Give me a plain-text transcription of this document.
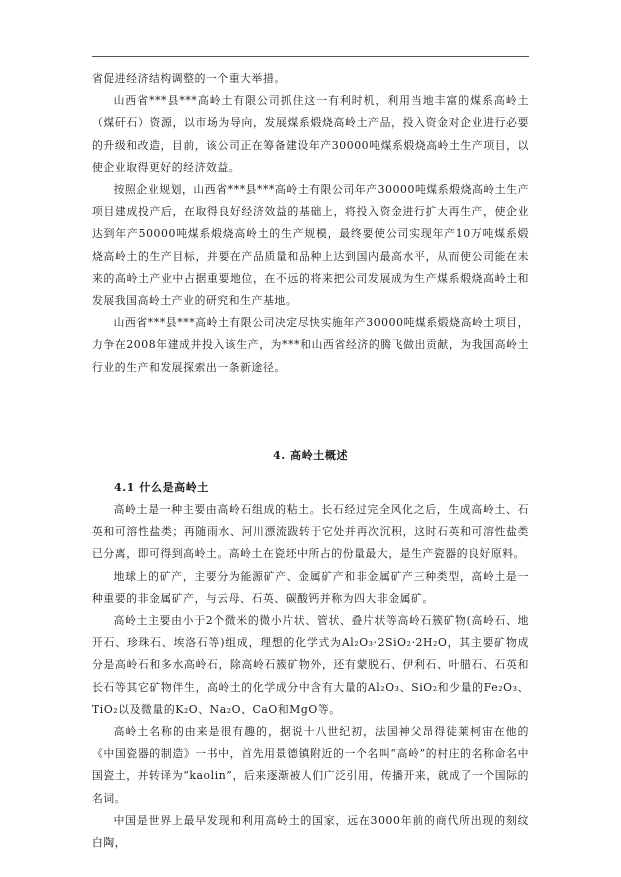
省促进经济结构调整的一个重大举措。

山西省***县***高岭土有限公司抓住这一有利时机，利用当地丰富的煤系高岭土（煤矸石）资源，以市场为导向，发展煤系煅烧高岭土产品，投入资金对企业进行必要的升级和改造，目前，该公司正在筹备建设年产30000吨煤系煅烧高岭土生产项目，以使企业取得更好的经济效益。

按照企业规划，山西省***县***高岭土有限公司年产30000吨煤系煅烧高岭土生产项目建成投产后，在取得良好经济效益的基础上，将投入资金进行扩大再生产，使企业达到年产50000吨煤系煅烧高岭土的生产规模，最终要使公司实现年产10万吨煤系煅烧高岭土的生产目标，并要在产品质量和品种上达到国内最高水平，从而使公司能在未来的高岭土产业中占据重要地位，在不远的将来把公司发展成为生产煤系煅烧高岭土和发展我国高岭土产业的研究和生产基地。

山西省***县***高岭土有限公司决定尽快实施年产30000吨煤系煅烧高岭土项目，力争在2008年建成并投入该生产，为***和山西省经济的腾飞做出贡献，为我国高岭土行业的生产和发展探索出一条新途径。

4. 高岭土概述
4.1 什么是高岭土

高岭土是一种主要由高岭石组成的粘土。长石经过完全风化之后，生成高岭土、石英和可溶性盐类；再随雨水、河川漂流跋转于它处并再次沉积，这时石英和可溶性盐类已分离，即可得到高岭土。高岭土在瓷坯中所占的份量最大，是生产瓷器的良好原料。

地球上的矿产，主要分为能源矿产、金属矿产和非金属矿产三种类型，高岭土是一种重要的非金属矿产，与云母、石英、碳酸钙并称为四大非金属矿。

高岭土主要由小于2个微米的微小片状、管状、叠片状等高岭石簇矿物(高岭石、地开石、珍珠石、埃洛石等)组成，理想的化学式为Al₂O₃·2SiO₂·2H₂O，其主要矿物成分是高岭石和多水高岭石，除高岭石簇矿物外，还有蒙脱石、伊利石、叶腊石、石英和长石等其它矿物伴生，高岭土的化学成分中含有大量的Al₂O₃、SiO₂和少量的Fe₂O₃、TiO₂以及微量的K₂O、Na₂O、CaO和MgO等。

高岭土名称的由来是很有趣的，据说十八世纪初，法国神父昂得徒莱柯宙在他的《中国瓷器的制造》一书中，首先用景德镇附近的一个名叫“高岭”的村庄的名称命名中国瓷土，并转译为“kaolin”，后来逐渐被人们广泛引用，传播开来，就成了一个国际的名词。

中国是世界上最早发现和利用高岭土的国家，远在3000年前的商代所出现的刻纹白陶，
